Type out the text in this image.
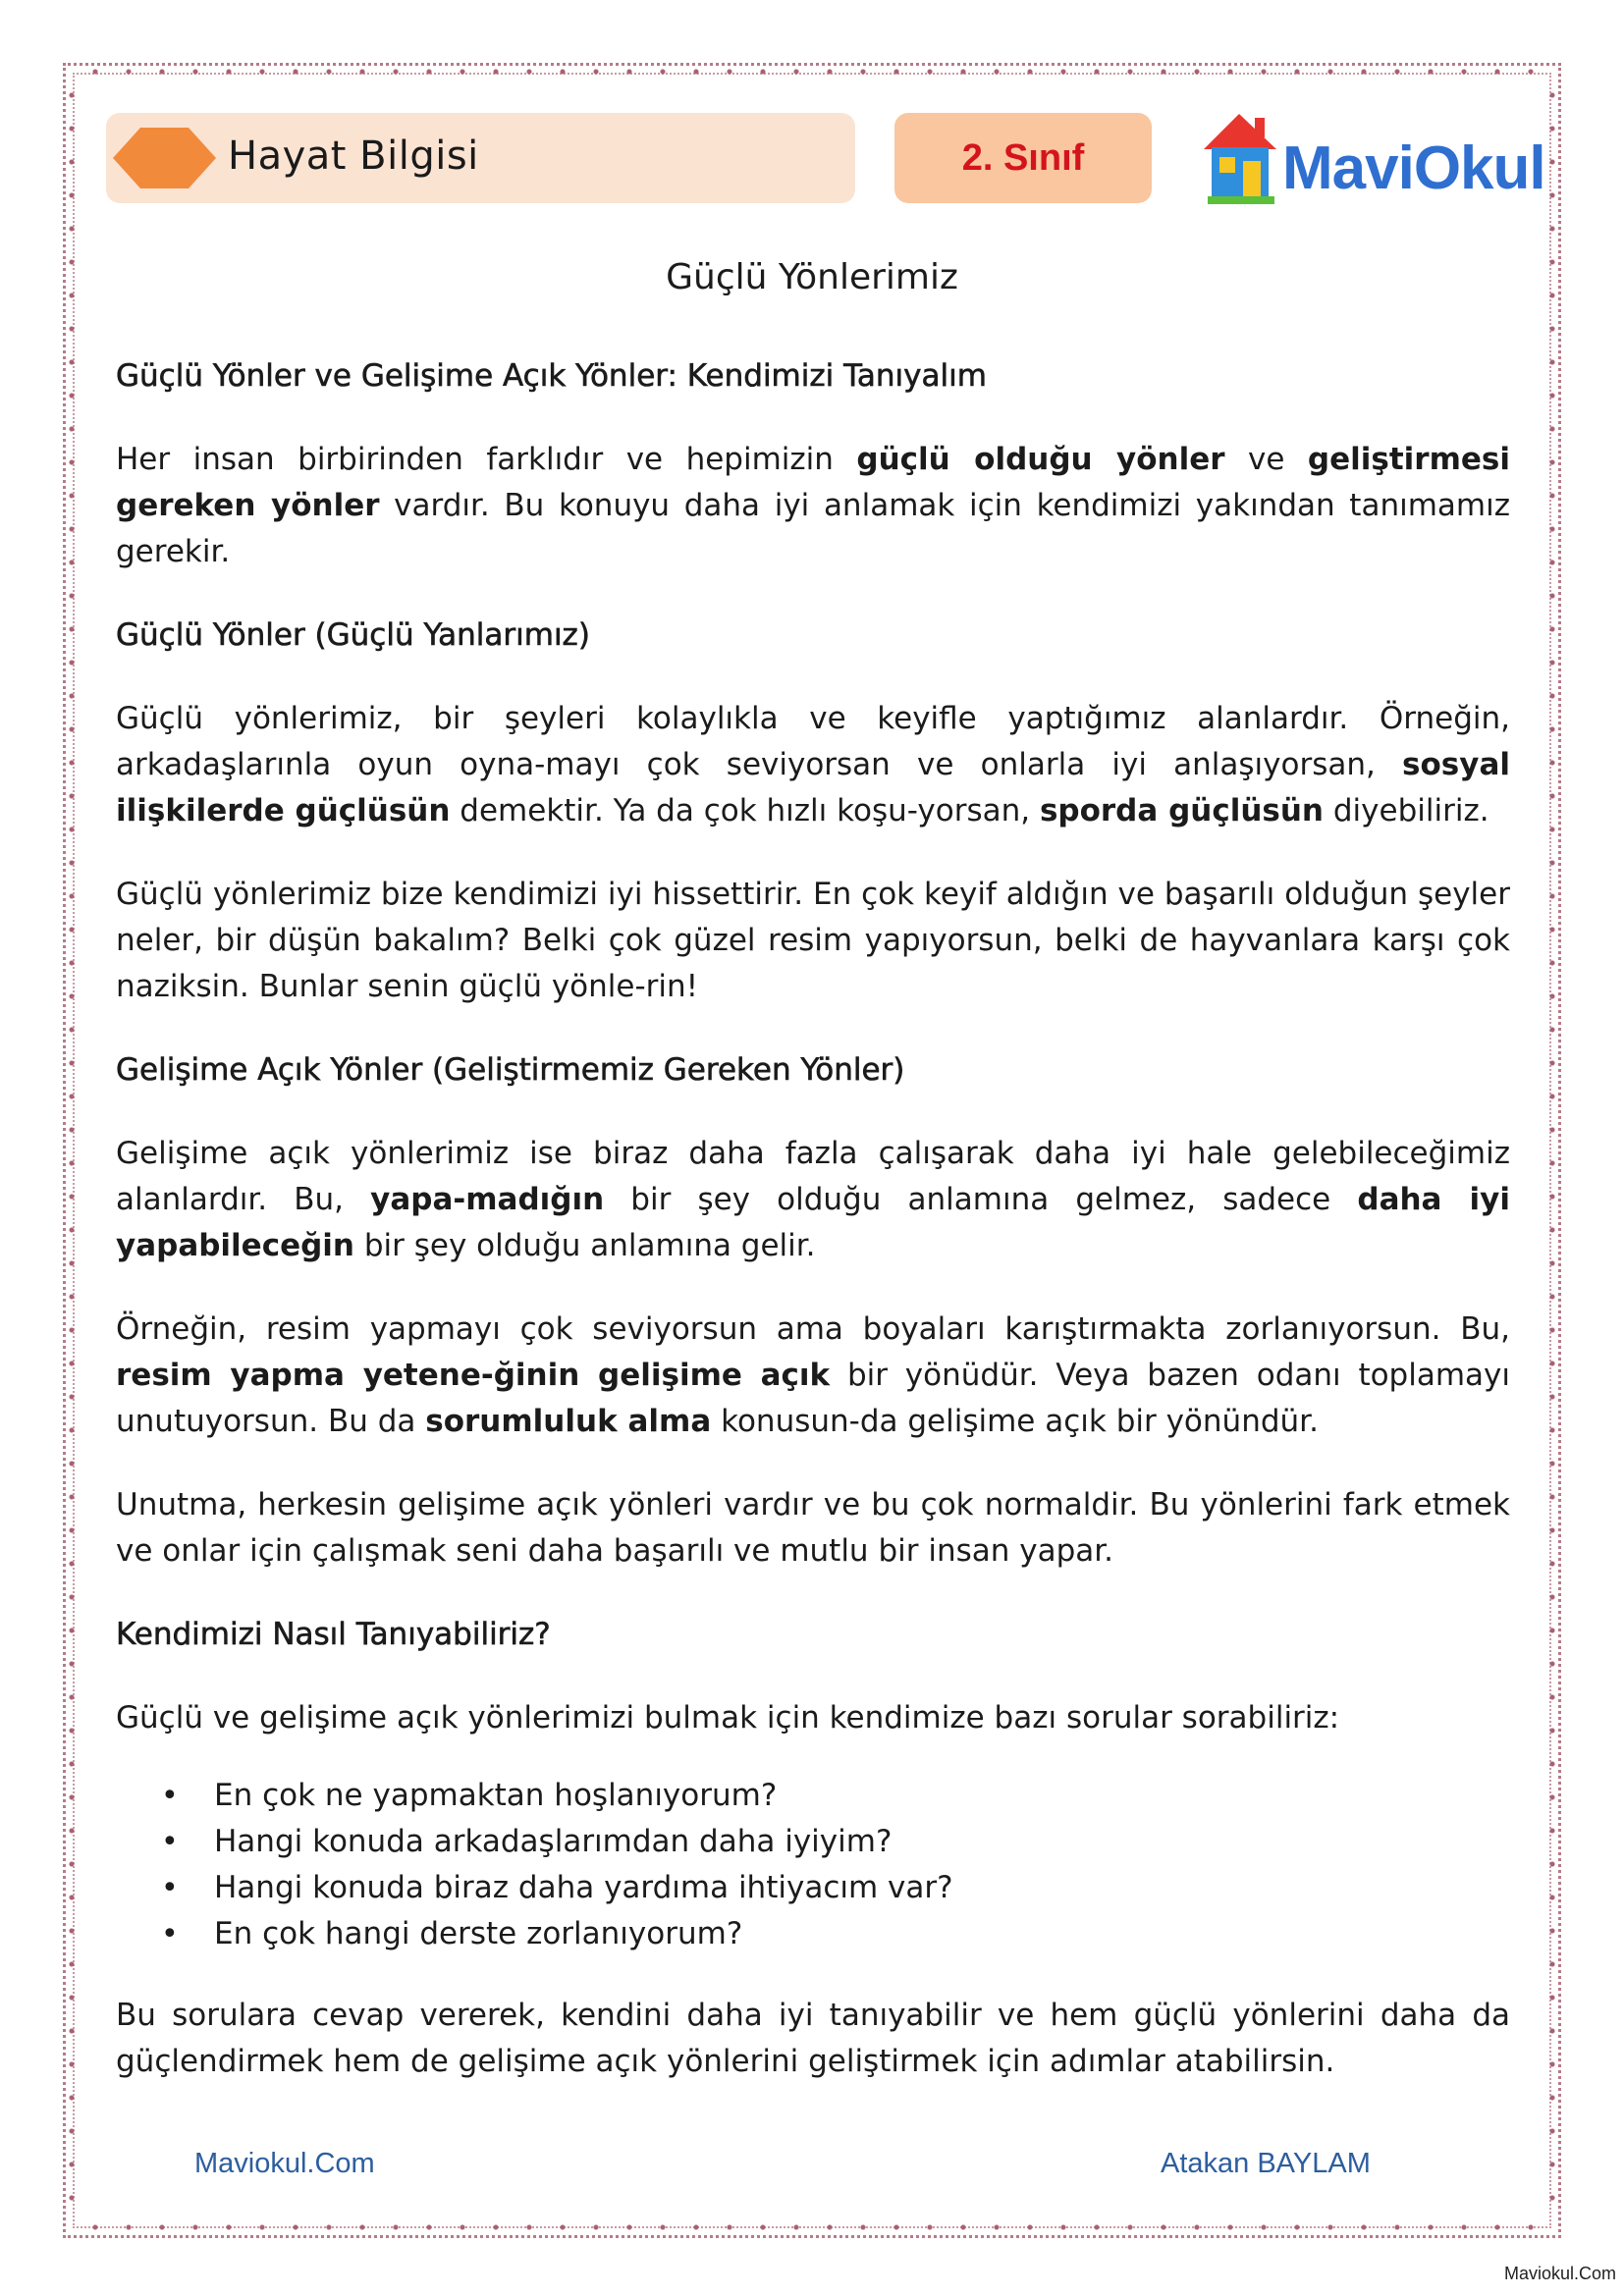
Hayat Bilgisi	2. Sınıf	MaviOkul
Güçlü Yönlerimiz
Güçlü Yönler ve Gelişime Açık Yönler: Kendimizi Tanıyalım

Her insan birbirinden farklıdır ve hepimizin güçlü olduğu yönler ve geliştirmesi gereken yönler vardır. Bu konuyu daha iyi anlamak için kendimizi yakından tanımamız gerekir.

Güçlü Yönler (Güçlü Yanlarımız)

Güçlü yönlerimiz, bir şeyleri kolaylıkla ve keyifle yaptığımız alanlardır. Örneğin, arkadaşlarınla oyun oyna-mayı çok seviyorsan ve onlarla iyi anlaşıyorsan, sosyal ilişkilerde güçlüsün demektir. Ya da çok hızlı koşu-yorsan, sporda güçlüsün diyebiliriz.

Güçlü yönlerimiz bize kendimizi iyi hissettirir. En çok keyif aldığın ve başarılı olduğun şeyler neler, bir düşün bakalım? Belki çok güzel resim yapıyorsun, belki de hayvanlara karşı çok naziksin. Bunlar senin güçlü yönle-rin!

Gelişime Açık Yönler (Geliştirmemiz Gereken Yönler)

Gelişime açık yönlerimiz ise biraz daha fazla çalışarak daha iyi hale gelebileceğimiz alanlardır. Bu, yapa-madığın bir şey olduğu anlamına gelmez, sadece daha iyi yapabileceğin bir şey olduğu anlamına gelir.

Örneğin, resim yapmayı çok seviyorsun ama boyaları karıştırmakta zorlanıyorsun. Bu, resim yapma yetene-ğinin gelişime açık bir yönüdür. Veya bazen odanı toplamayı unutuyorsun. Bu da sorumluluk alma konusun-da gelişime açık bir yönündür.

Unutma, herkesin gelişime açık yönleri vardır ve bu çok normaldir. Bu yönlerini fark etmek ve onlar için çalışmak seni daha başarılı ve mutlu bir insan yapar.

Kendimizi Nasıl Tanıyabiliriz?

Güçlü ve gelişime açık yönlerimizi bulmak için kendimize bazı sorular sorabiliriz:

• En çok ne yapmaktan hoşlanıyorum?
• Hangi konuda arkadaşlarımdan daha iyiyim?
• Hangi konuda biraz daha yardıma ihtiyacım var?
• En çok hangi derste zorlanıyorum?

Bu sorulara cevap vererek, kendini daha iyi tanıyabilir ve hem güçlü yönlerini daha da güçlendirmek hem de gelişime açık yönlerini geliştirmek için adımlar atabilirsin.

Maviokul.Com	Atakan BAYLAM
Maviokul.Com
